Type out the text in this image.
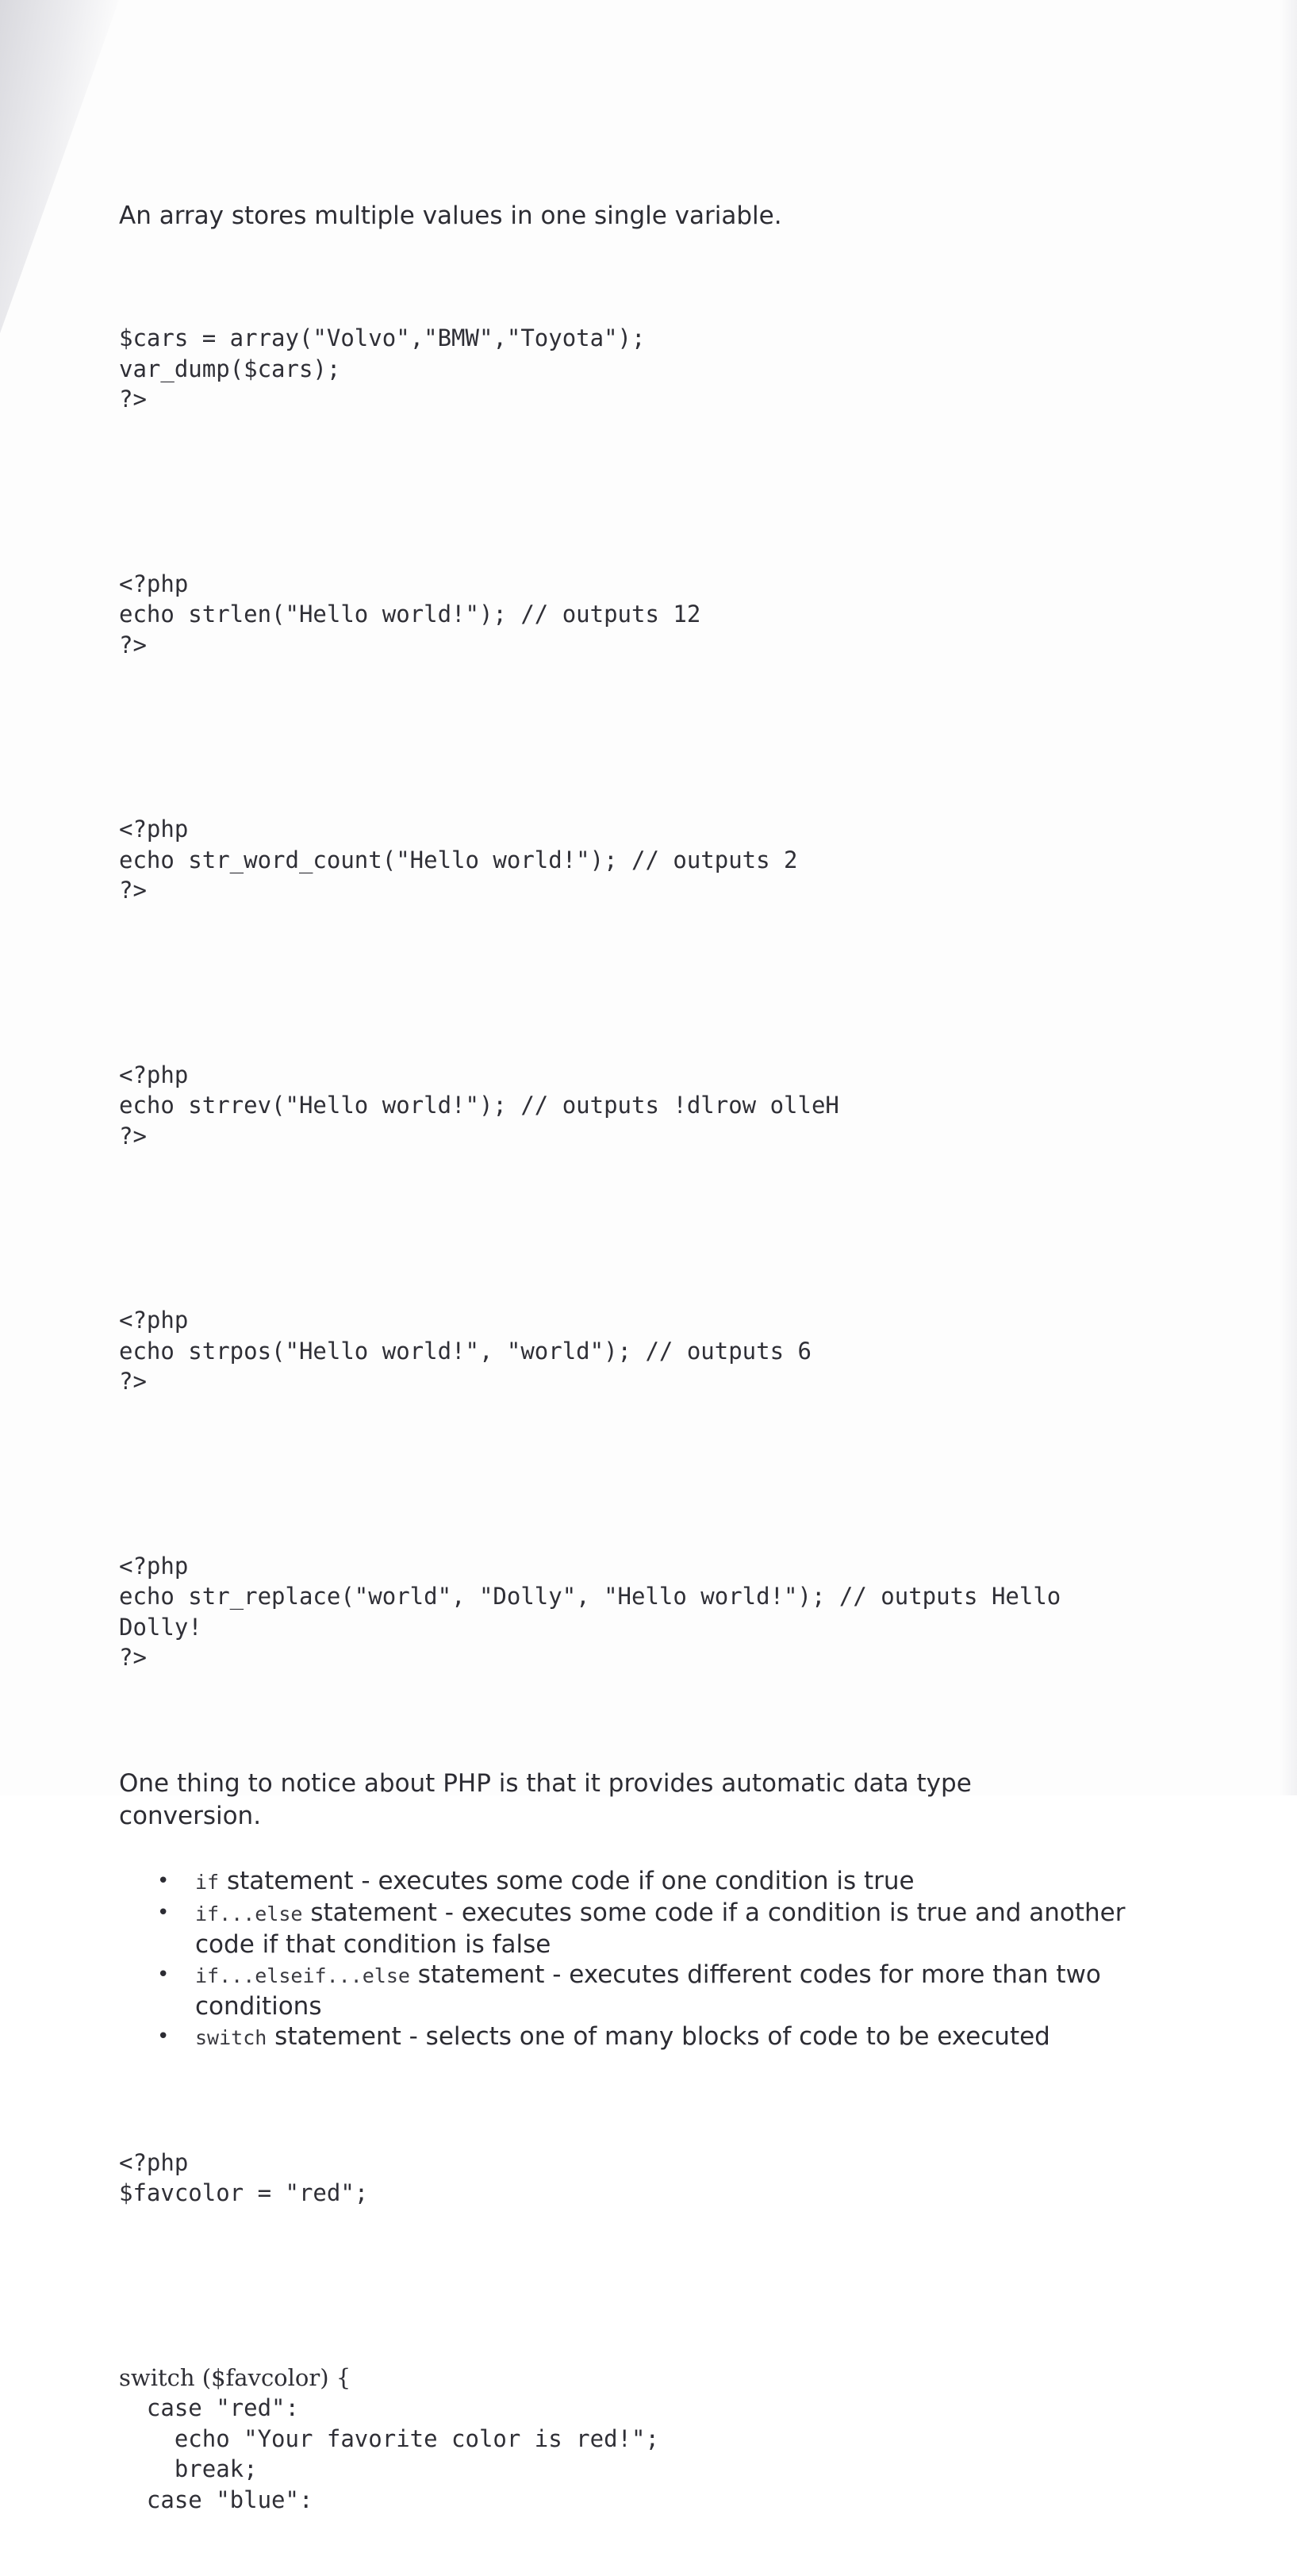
An array stores multiple values in one single variable.

$cars = array("Volvo","BMW","Toyota");
var_dump($cars);
?>

<?php
echo strlen("Hello world!"); // outputs 12
?>

<?php
echo str_word_count("Hello world!"); // outputs 2
?>

<?php
echo strrev("Hello world!"); // outputs !dlrow olleH
?>

<?php
echo strpos("Hello world!", "world"); // outputs 6
?>

<?php
echo str_replace("world", "Dolly", "Hello world!"); // outputs Hello
Dolly!
?>

One thing to notice about PHP is that it provides automatic data type conversion.

• if statement - executes some code if one condition is true
• if...else statement - executes some code if a condition is true and another code if that condition is false
• if...elseif...else statement - executes different codes for more than two conditions
• switch statement - selects one of many blocks of code to be executed

<?php
$favcolor = "red";

switch ($favcolor) {
case "red":
echo "Your favorite color is red!";
break;
case "blue":
